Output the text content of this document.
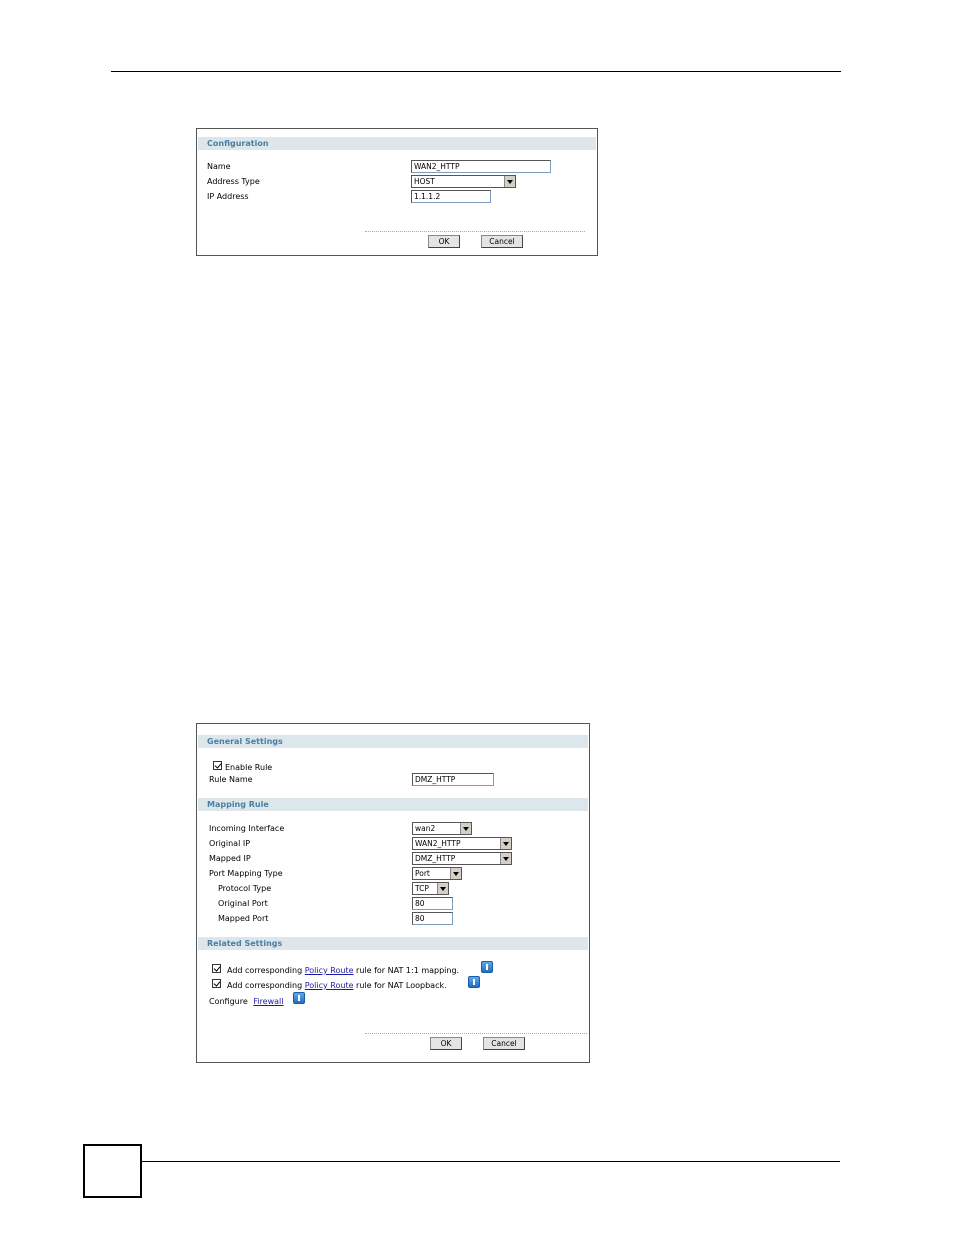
Configuration
Name	WAN2_HTTP
Address Type	HOST
IP Address	1.1.1.2
OK	Cancel
General Settings
Enable Rule
Rule Name	DMZ_HTTP
Mapping Rule
Incoming Interface	wan2
Original IP	WAN2_HTTP
Mapped IP	DMZ_HTTP
Port Mapping Type	Port
Protocol Type	TCP
Original Port	80
Mapped Port	80
Related Settings
Add corresponding Policy Route rule for NAT 1:1 mapping.
Add corresponding Policy Route rule for NAT Loopback.
Configure Firewall
OK	Cancel
